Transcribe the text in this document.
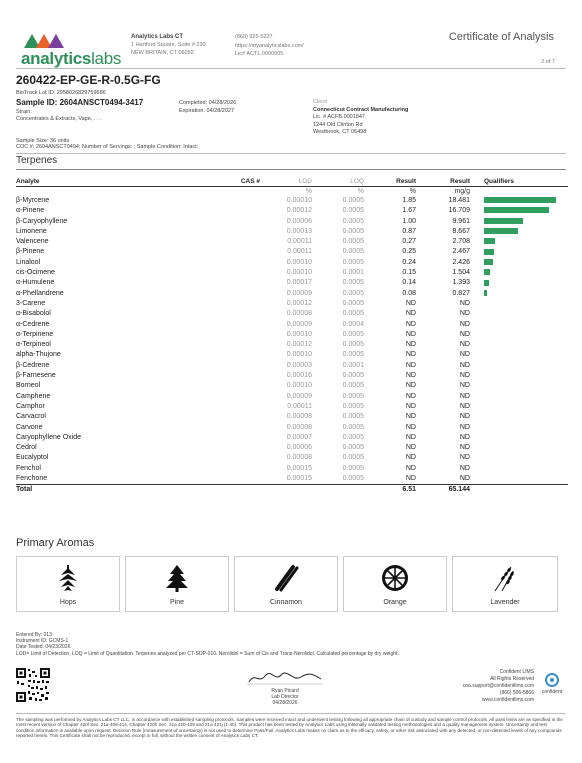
analyticslabs
Analytics Labs CT
1 Hartford Square, Suite # 230
NEW BRITAIN, CT 06052
(860) 925-5227
https://myanalyticslabs.com/
Lic# ACTL.0000005
Certificate of Analysis
2 of 7
260422-EP-GE-R-0.5G-FG
BioTrack Lot ID: 2958026829759686
Sample ID: 2604ANSCT0494-3417
Strain:
Concentrates & Extracts, Vape, . . .
Completed: 04/28/2026
Expiration: 04/28/2027
Client
Connecticut Contract Manufacturing
Lic. # ACFB.0001847
1244 Old Clinton Rd
Westbrook, CT 06498
Sample Size: 36 units
COC #: 2604ANSCT0494; Number of Servings: ; Sample Condition: Intact;
Terpenes
Analyte	CAS #	LOD	LOQ	Result	Result	Qualifiers
		%	%	%	mg/g	
β-Myrcene		0.00010	0.0005	1.85	18.481	
α-Pinene		0.00012	0.0005	1.67	16.709	
β-Caryophyllene		0.00006	0.0005	1.00	9.961	
Limonene		0.00013	0.0005	0.87	8.667	
Valencene		0.00011	0.0005	0.27	2.708	
β-Pinene		0.00011	0.0005	0.25	2.467	
Linalool		0.00010	0.0005	0.24	2.426	
cis-Ocimene		0.00010	0.0001	0.15	1.504	
α-Humulene		0.00017	0.0005	0.14	1.393	
α-Phellandrene		0.00009	0.0005	0.08	0.827	
3-Carene		0.00012	0.0005	ND	ND	
α-Bisabolol		0.00008	0.0005	ND	ND	
α-Cedrene		0.00009	0.0004	ND	ND	
α-Terpinene		0.00010	0.0005	ND	ND	
α-Terpineol		0.00012	0.0005	ND	ND	
alpha-Thujone		0.00010	0.0005	ND	ND	
β-Cedrene		0.00003	0.0001	ND	ND	
β-Farnesene		0.00016	0.0005	ND	ND	
Borneol		0.00010	0.0005	ND	ND	
Camphene		0.00009	0.0005	ND	ND	
Camphor		0.00011	0.0005	ND	ND	
Carvacrol		0.00008	0.0005	ND	ND	
Carvone		0.00008	0.0005	ND	ND	
Caryophyllene Oxide		0.00007	0.0005	ND	ND	
Cedrol		0.00006	0.0005	ND	ND	
Eucalyptol		0.00008	0.0005	ND	ND	
Fenchol		0.00015	0.0005	ND	ND	
Fenchone		0.00015	0.0005	ND	ND	
Total				6.51	65.144	
Primary Aromas
Hops	Pine	Cinnamon	Orange	Lavender
Entered By: 013
Instrument ID: GCMS-1
Date Tested: 04/23/2026
LOD= Limit of Detection, LOQ = Limit of Quantitation. Terpenes analyzed per CT-SOP-010. Nerolidol = Sum of Cis and Trans-Nerolidol. Calculated percentage by dry weight.
Ryan Picard
Lab Director
04/28/2026
Confident LIMS
All Rights Reserved
coa.support@confidentlims.com
(866) 506-5866
www.confidentlims.com
confident
The sampling was performed by Analytics Labs CT LLC, in accordance with established sampling protocols. Samples were received intact and underwent testing following all appropriate chain of custody and sample control protocols. All pass limits are as specified in the most recent version of Chapter 420f Sec. 21a-408-414, Chapter 420h Sec. 21a 420-429 and 21a 421j (1-40). This product has been tested by Analytics Labs using internally validated testing methodologies and a quality management system. Uncertainty and test condition information is available upon request. Decision Rule (measurement of uncertainty) is not used to determine Pass/Fail. Analytics Labs makes no claim as to the efficacy, safety, or other risk associated with any detected, or non-detected levels of any compounds reported herein. This Certificate shall not be reproduced, except in full, without the written consent of Analytics Labs CT.
